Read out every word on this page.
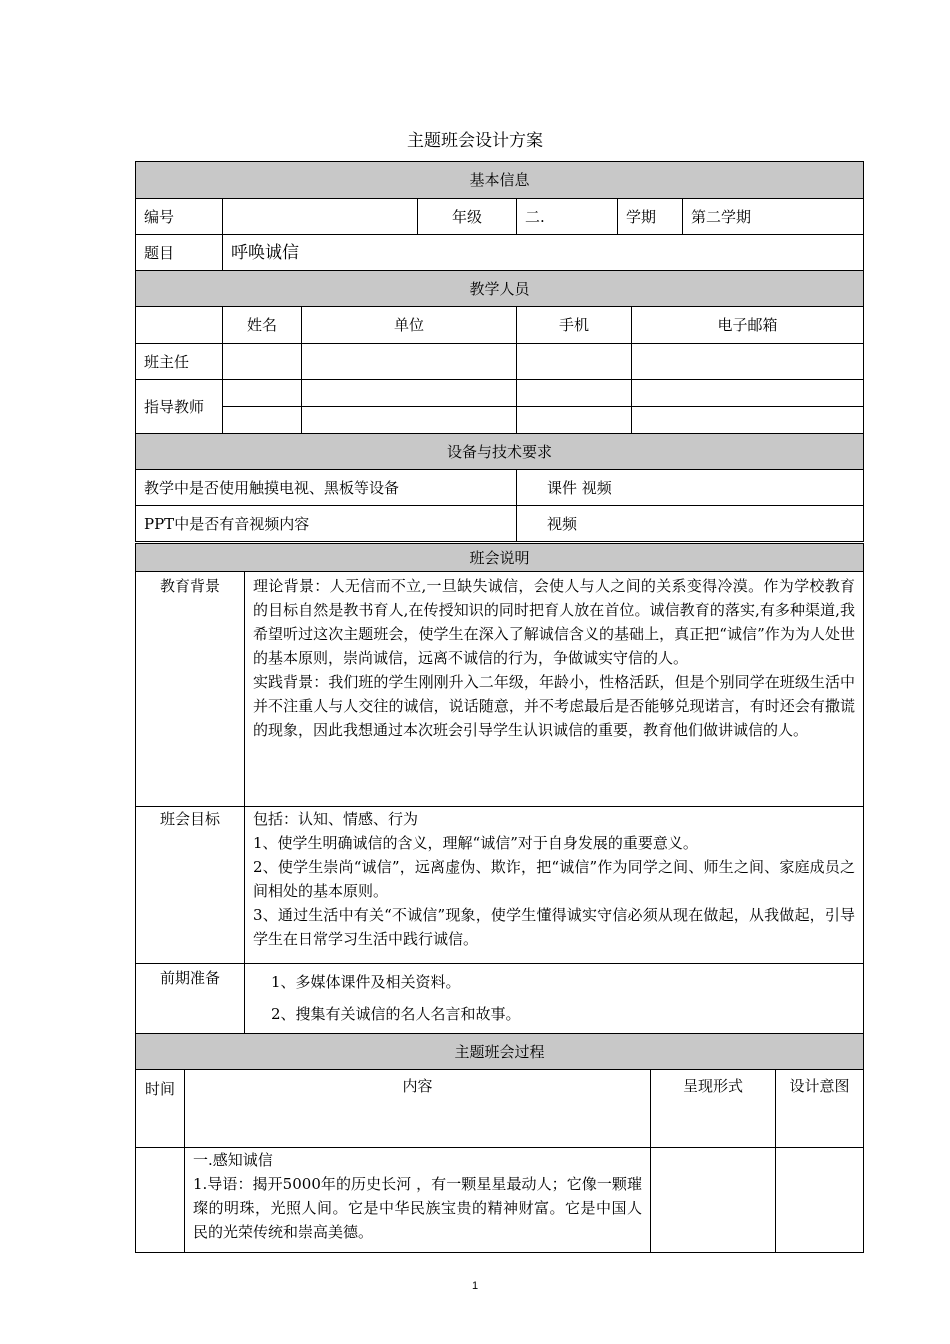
主题班会设计方案
基本信息							
编号			年级	二.	学期		第二学期
题目	呼唤诚信						
教学人员							
	姓名	单位		手机		电子邮箱	
班主任							
指导教师							

设备与技术要求							
教学中是否使用触摸电视、黑板等设备				课件 视频			
PPT中是否有音视频内容				视频			
班会说明	
教育背景	理论背景：人无信而不立,一旦缺失诚信，会使人与人之间的关系变得冷漠。作为学校教育的目标自然是教书育人,在传授知识的同时把育人放在首位。诚信教育的落实,有多种渠道,我希望听过这次主题班会，使学生在深入了解诚信含义的基础上，真正把“诚信”作为为人处世的基本原则，崇尚诚信，远离不诚信的行为，争做诚实守信的人。
实践背景：我们班的学生刚刚升入二年级，年龄小，性格活跃，但是个别同学在班级生活中并不注重人与人交往的诚信，说话随意，并不考虑最后是否能够兑现诺言，有时还会有撒谎的现象，因此我想通过本次班会引导学生认识诚信的重要，教育他们做讲诚信的人。

班会目标	包括：认知、情感、行为
1、使学生明确诚信的含义，理解“诚信”对于自身发展的重要意义。
2、使学生崇尚“诚信”，远离虚伪、欺诈，把“诚信”作为同学之间、师生之间、家庭成员之间相处的基本原则。
3、通过生活中有关“不诚信”现象，使学生懂得诚实守信必须从现在做起，从我做起，引导学生在日常学习生活中践行诚信。

前期准备	1、多媒体课件及相关资料。
2、搜集有关诚信的名人名言和故事。
主题班会过程			
时间	内容	呈现形式	设计意图

	一.感知诚信
1.导语：揭开5000年的历史长河 ，有一颗星星最动人；它像一颗璀璨的明珠，光照人间。它是中华民族宝贵的精神财富。它是中国人民的光荣传统和崇高美德。		

1
